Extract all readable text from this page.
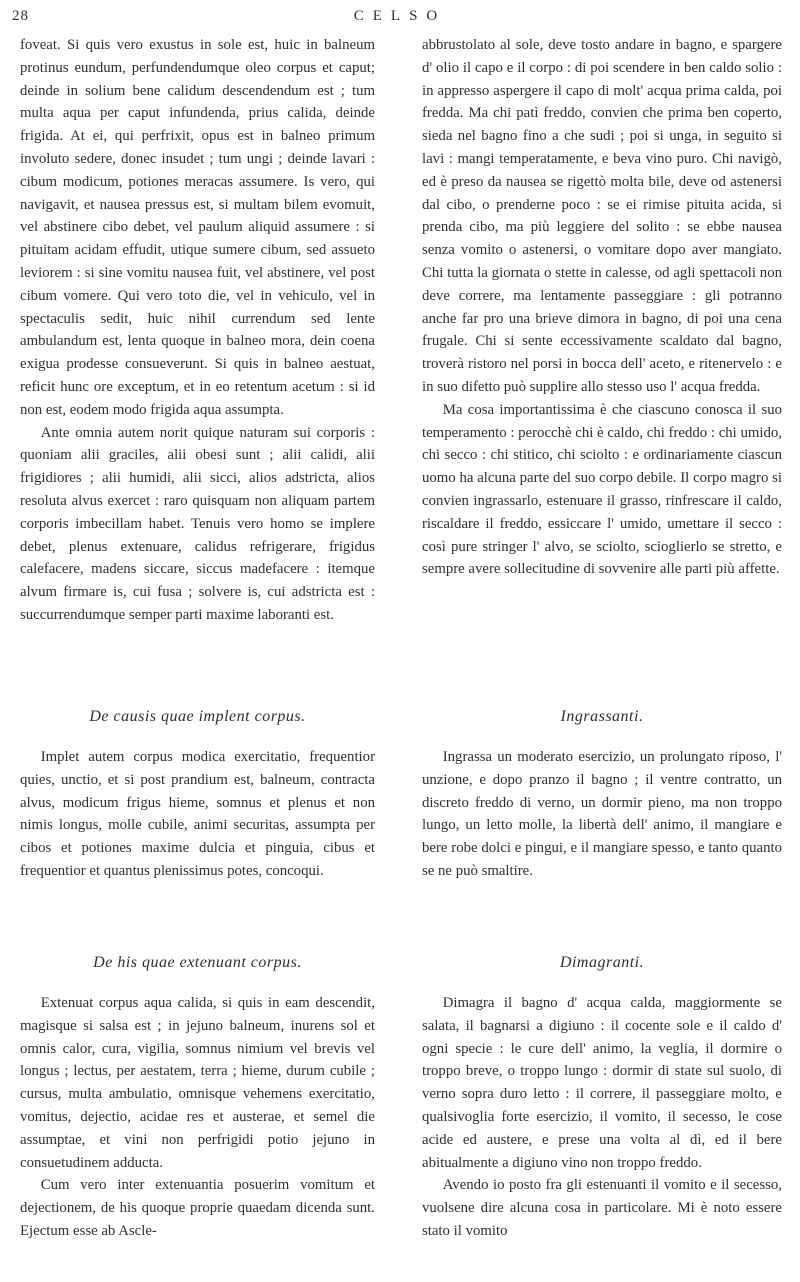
28	CELSO

foveat. Si quis vero exustus in sole est, huic in balneum protinus eundum, perfundendumque oleo corpus et caput; deinde in solium bene calidum descendendum est ; tum multa aqua per caput infundenda, prius calida, deinde frigida. At ei, qui perfrixit, opus est in balneo primum involuto sedere, donec insudet ; tum ungi ; deinde lavari : cibum modicum, potiones meracas assumere. Is vero, qui navigavit, et nausea pressus est, si multam bilem evomuit, vel abstinere cibo debet, vel paulum aliquid assumere : si pituitam acidam effudit, utique sumere cibum, sed assueto leviorem : si sine vomitu nausea fuit, vel abstinere, vel post cibum vomere. Qui vero toto die, vel in vehiculo, vel in spectaculis sedit, huic nihil currendum sed lente ambulandum est, lenta quoque in balneo mora, dein coena exigua prodesse consueverunt. Si quis in balneo aestuat, reficit hunc ore exceptum, et in eo retentum acetum : si id non est, eodem modo frigida aqua assumpta.

Ante omnia autem norit quique naturam sui corporis : quoniam alii graciles, alii obesi sunt ; alii calidi, alii frigidiores ; alii humidi, alii sicci, alios adstricta, alios resoluta alvus exercet : raro quisquam non aliquam partem corporis imbecillam habet. Tenuis vero homo se implere debet, plenus extenuare, calidus refrigerare, frigidus calefacere, madens siccare, siccus madefacere : itemque alvum firmare is, cui fusa ; solvere is, cui adstricta est : succurrendumque semper parti maxime laboranti est.

De causis quae implent corpus.

Implet autem corpus modica exercitatio, frequentior quies, unctio, et si post prandium est, balneum, contracta alvus, modicum frigus hieme, somnus et plenus et non nimis longus, molle cubile, animi securitas, assumpta per cibos et potiones maxime dulcia et pinguia, cibus et frequentior et quantus plenissimus potes, concoqui.

De his quae extenuant corpus.

Extenuat corpus aqua calida, si quis in eam descendit, magisque si salsa est ; in jejuno balneum, inurens sol et omnis calor, cura, vigilia, somnus nimium vel brevis vel longus ; lectus, per aestatem, terra ; hieme, durum cubile ; cursus, multa ambulatio, omnisque vehemens exercitatio, vomitus, dejectio, acidae res et austerae, et semel die assumptae, et vini non perfrigidi potio jejuno in consuetudinem adducta.

Cum vero inter extenuantia posuerim vomitum et dejectionem, de his quoque proprie quaedam dicenda sunt. Ejectum esse ab Ascle-

abbrustolato al sole, deve tosto andare in bagno, e spargere d' olio il capo e il corpo : di poi scendere in ben caldo solio : in appresso aspergere il capo di molt' acqua prima calda, poi fredda. Ma chi patì freddo, convien che prima ben coperto, sieda nel bagno fino a che sudi ; poi si unga, in seguito si lavi : mangi temperatamente, e beva vino puro. Chi navigò, ed è preso da nausea se rigettò molta bile, deve od astenersi dal cibo, o prenderne poco : se ei rimise pituita acida, si prenda cibo, ma più leggiere del solito : se ebbe nausea senza vomito o astenersi, o vomitare dopo aver mangiato. Chi tutta la giornata o stette in calesse, od agli spettacoli non deve correre, ma lentamente passeggiare : gli potranno anche far pro una brieve dimora in bagno, di poi una cena frugale. Chi si sente eccessivamente scaldato dal bagno, troverà ristoro nel porsi in bocca dell' aceto, e ritenervelo : e in suo difetto può supplire allo stesso uso l' acqua fredda.

Ma cosa importantissima è che ciascuno conosca il suo temperamento : perocchè chi è caldo, chi freddo : chi umido, chi secco : chi stitico, chi sciolto : e ordinariamente ciascun uomo ha alcuna parte del suo corpo debile. Il corpo magro si convien ingrassarlo, estenuare il grasso, rinfrescare il caldo, riscaldare il freddo, essiccare l' umido, umettare il secco : così pure stringer l' alvo, se sciolto, scioglierlo se stretto, e sempre avere sollecitudine di sovvenire alle parti più affette.

Ingrassanti.

Ingrassa un moderato esercizio, un prolungato riposo, l' unzione, e dopo pranzo il bagno ; il ventre contratto, un discreto freddo di verno, un dormir pieno, ma non troppo lungo, un letto molle, la libertà dell' animo, il mangiare e bere robe dolci e pingui, e il mangiare spesso, e tanto quanto se ne può smaltire.

Dimagranti.

Dimagra il bagno d' acqua calda, maggiormente se salata, il bagnarsi a digiuno : il cocente sole e il caldo d' ogni specie : le cure dell' animo, la veglia, il dormire o troppo breve, o troppo lungo : dormir di state sul suolo, di verno sopra duro letto : il correre, il passeggiare molto, e qualsivoglia forte esercizio, il vomito, il secesso, le cose acide ed austere, e prese una volta al dì, ed il bere abitualmente a digiuno vino non troppo freddo.

Avendo io posto fra gli estenuanti il vomito e il secesso, vuolsene dire alcuna cosa in particolare. Mi è noto essere stato il vomito
